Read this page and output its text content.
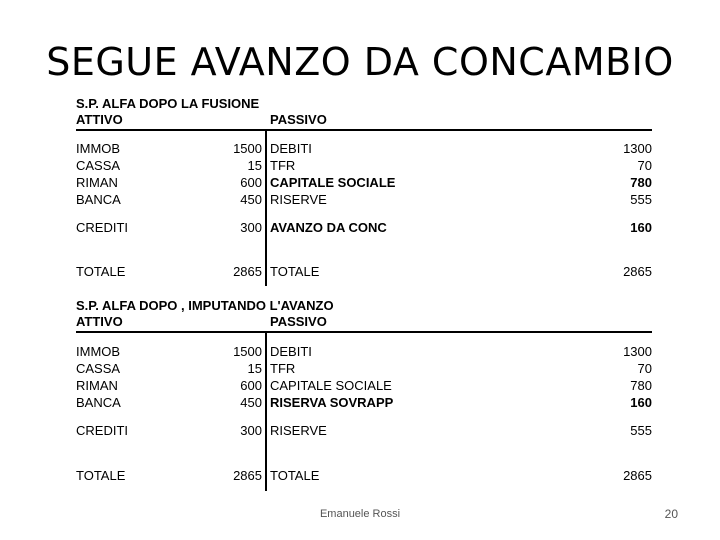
SEGUE AVANZO DA CONCAMBIO
S.P. ALFA DOPO LA FUSIONE
ATTIVO	PASSIVO
IMMOB	1500 DEBITI	1300
CASSA	15 TFR	70
RIMAN	600 CAPITALE SOCIALE	780
BANCA	450 RISERVE	555
CREDITI	300 AVANZO DA CONC	160
TOTALE	2865 TOTALE	2865
S.P. ALFA DOPO , IMPUTANDO L'AVANZO
ATTIVO	PASSIVO
IMMOB	1500 DEBITI	1300
CASSA	15 TFR	70
RIMAN	600 CAPITALE SOCIALE	780
BANCA	450 RISERVA SOVRAPP	160
CREDITI	300 RISERVE	555
TOTALE	2865 TOTALE	2865
Emanuele Rossi	20
